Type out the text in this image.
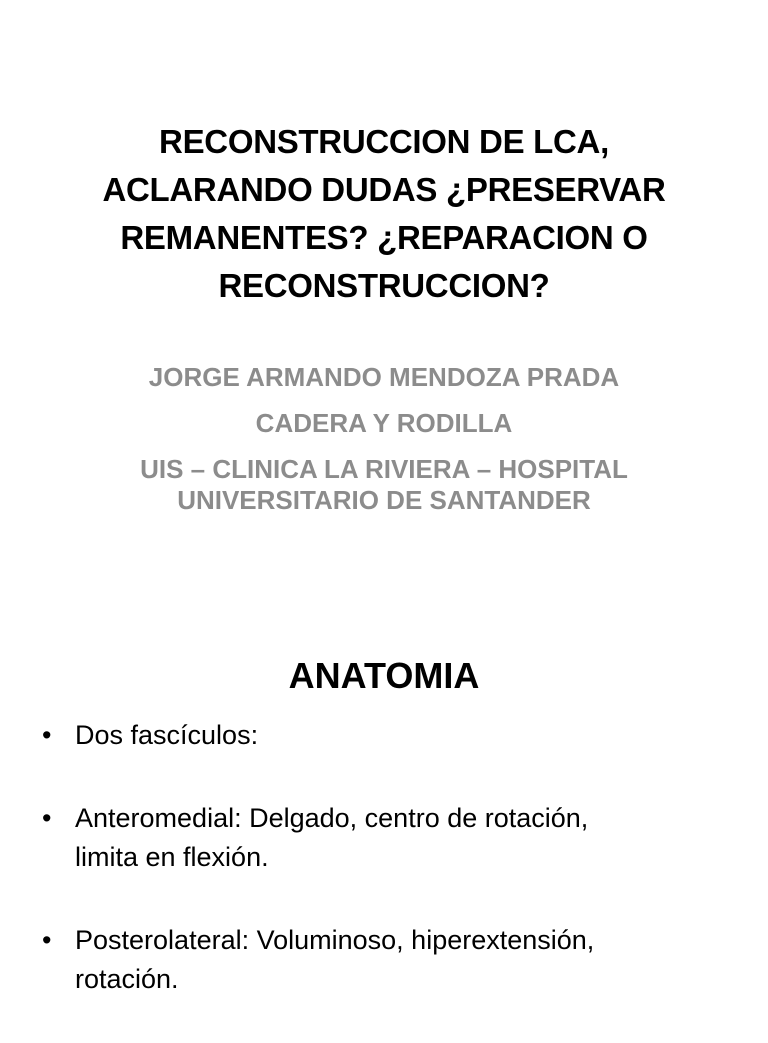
RECONSTRUCCION DE LCA,
ACLARANDO DUDAS ¿PRESERVAR
REMANENTES? ¿REPARACION O
RECONSTRUCCION?
JORGE ARMANDO MENDOZA PRADA
CADERA Y RODILLA
UIS – CLINICA LA RIVIERA – HOSPITAL
UNIVERSITARIO DE SANTANDER
ANATOMIA
• Dos fascículos:
• Anteromedial: Delgado, centro de rotación,
limita en flexión.
• Posterolateral: Voluminoso, hiperextensión,
rotación.
